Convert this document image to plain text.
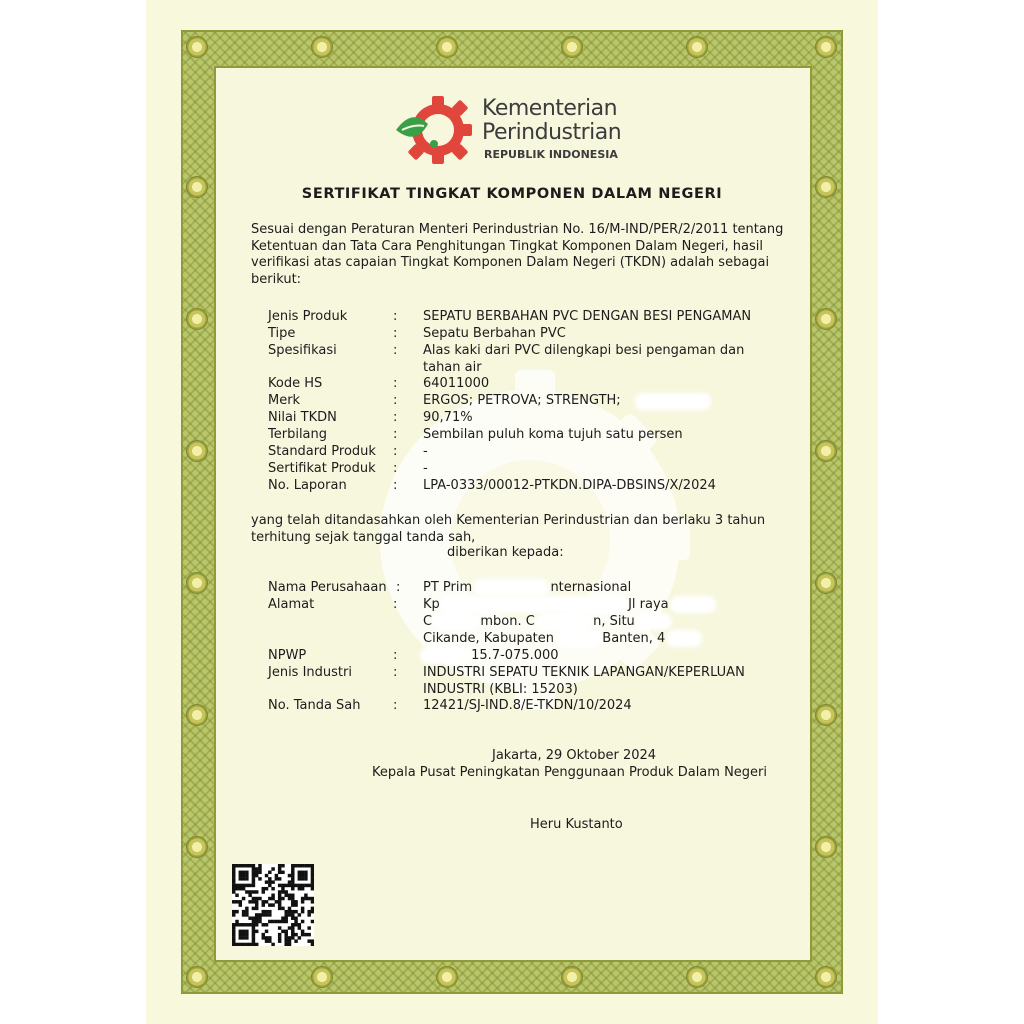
Kementerian
Perindustrian
REPUBLIK INDONESIA
SERTIFIKAT TINGKAT KOMPONEN DALAM NEGERI
Sesuai dengan Peraturan Menteri Perindustrian No. 16/M-IND/PER/2/2011 tentang Ketentuan dan Tata Cara Penghitungan Tingkat Komponen Dalam Negeri, hasil verifikasi atas capaian Tingkat Komponen Dalam Negeri (TKDN) adalah sebagai berikut:
Jenis Produk	: SEPATU BERBAHAN PVC DENGAN BESI PENGAMAN
Tipe	: Sepatu Berbahan PVC
Spesifikasi	: Alas kaki dari PVC dilengkapi besi pengaman dan tahan air
Kode HS	: 64011000
Merk	: ERGOS; PETROVA; STRENGTH;
Nilai TKDN	: 90,71%
Terbilang	: Sembilan puluh koma tujuh satu persen
Standard Produk : -
Sertifikat Produk : -
No. Laporan	: LPA-0333/00012-PTKDN.DIPA-DBSINS/X/2024
yang telah ditandasahkan oleh Kementerian Perindustrian dan berlaku 3 tahun terhitung sejak tanggal tanda sah,
diberikan kepada:
Nama Perusahaan : PT Prim	nternasional
Alamat	: Kp	Jl raya
C	mbon. C	n, Situ
Cikande, Kabupaten	Banten, 4
NPWP	:	15.7-075.000
Jenis Industri	: INDUSTRI SEPATU TEKNIK LAPANGAN/KEPERLUAN INDUSTRI (KBLI: 15203)
No. Tanda Sah : 12421/SJ-IND.8/E-TKDN/10/2024
Jakarta, 29 Oktober 2024
Kepala Pusat Peningkatan Penggunaan Produk Dalam Negeri
Heru Kustanto
